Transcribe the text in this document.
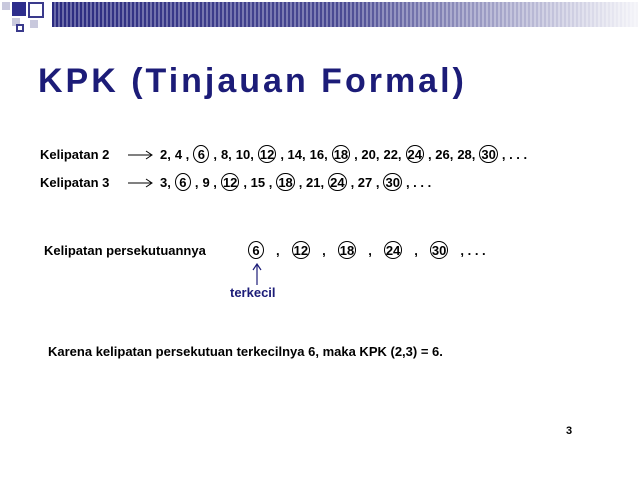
KPK (Tinjauan Formal)
Kelipatan 2	2, 4 , 6 , 8, 10, 12 , 14, 16, 18 , 20, 22, 24 , 26, 28, 30 , . . .
Kelipatan 3	3, 6 , 9 , 12 , 15 , 18 , 21, 24 , 27 , 30 , . . .
Kelipatan persekutuannya	6 , 12 , 18 , 24 , 30 , . . .
terkecil
Karena kelipatan persekutuan terkecilnya 6, maka KPK (2,3) = 6.
3
